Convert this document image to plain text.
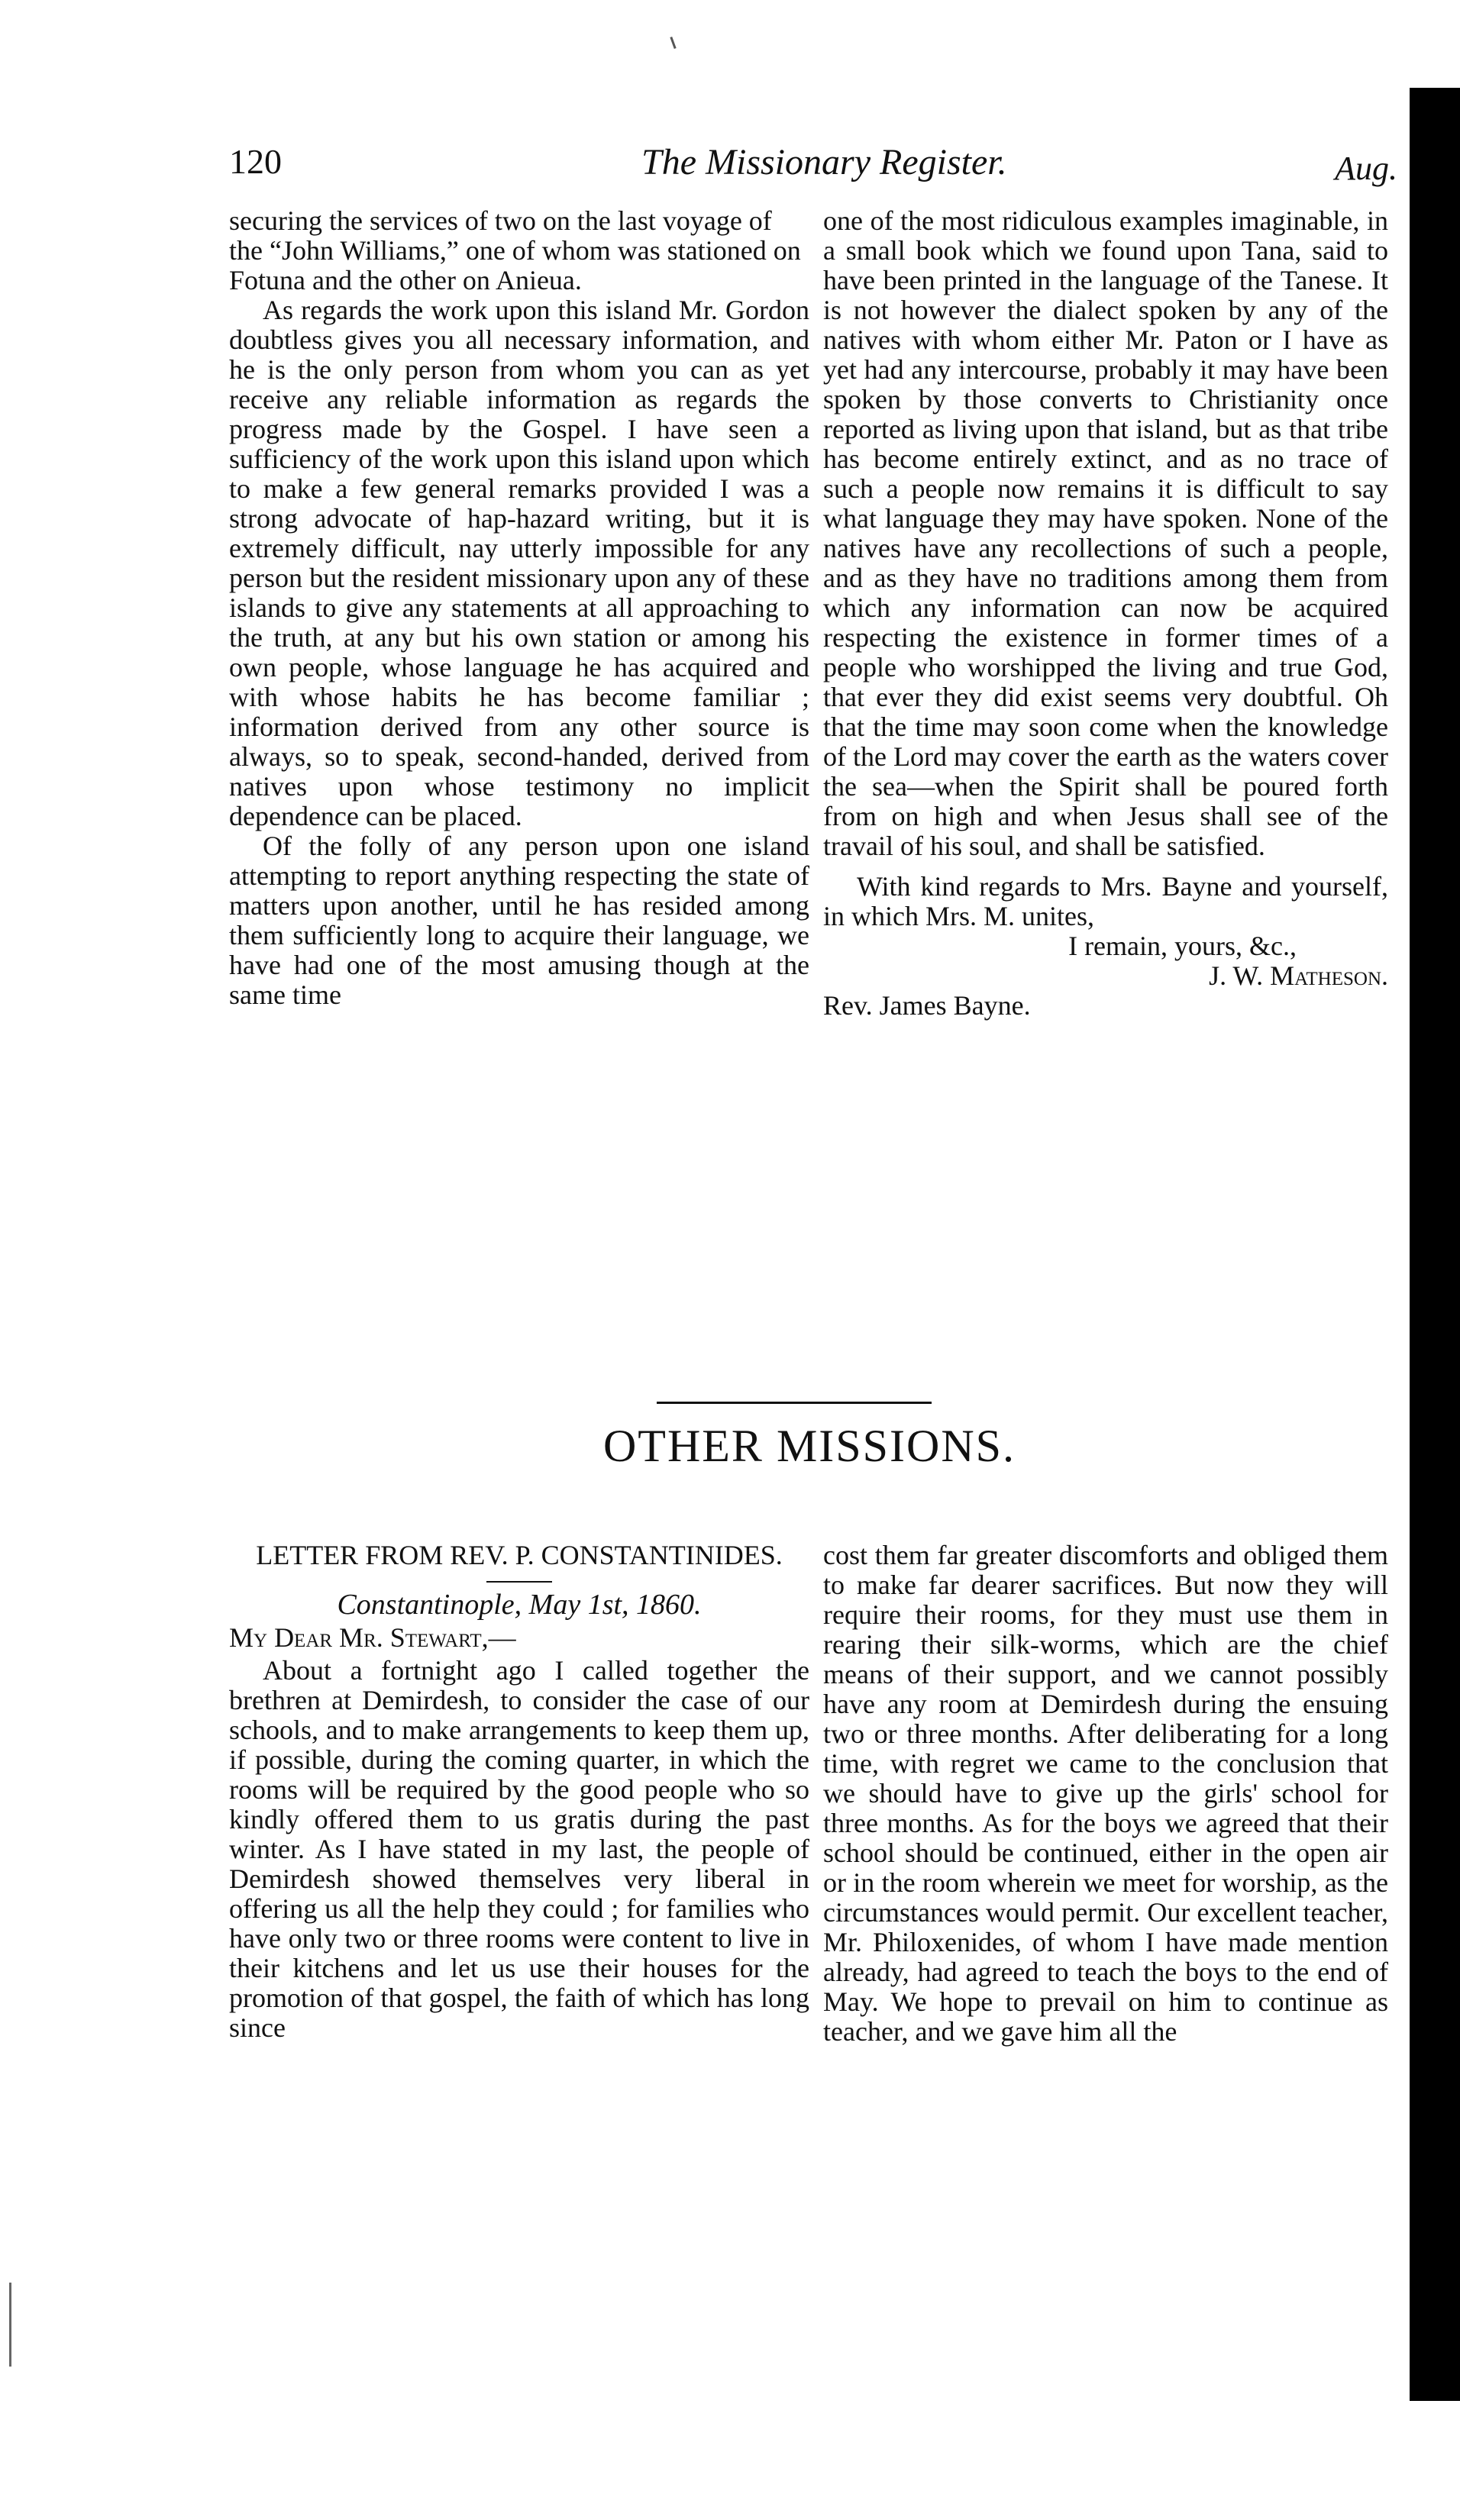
120	The Missionary Register.	Aug.

securing the services of two on the last voyage of the “John Williams,” one of whom was stationed on Fotuna and the other on Anieua.

As regards the work upon this island Mr. Gordon doubtless gives you all necessary information, and he is the only person from whom you can as yet receive any reliable information as regards the progress made by the Gospel. I have seen a sufficiency of the work upon this island upon which to make a few general remarks provided I was a strong advocate of hap-hazard writing, but it is extremely difficult, nay utterly impossible for any person but the resident missionary upon any of these islands to give any statements at all approaching to the truth, at any but his own station or among his own people, whose language he has acquired and with whose habits he has become familiar ; information derived from any other source is always, so to speak, second-handed, derived from natives upon whose testimony no implicit dependence can be placed.

Of the folly of any person upon one island attempting to report anything respecting the state of matters upon another, until he has resided among them sufficiently long to acquire their language, we have had one of the most amusing though at the same time

one of the most ridiculous examples imaginable, in a small book which we found upon Tana, said to have been printed in the language of the Tanese. It is not however the dialect spoken by any of the natives with whom either Mr. Paton or I have as yet had any intercourse, probably it may have been spoken by those converts to Christianity once reported as living upon that island, but as that tribe has become entirely extinct, and as no trace of such a people now remains it is difficult to say what language they may have spoken. None of the natives have any recollections of such a people, and as they have no traditions among them from which any information can now be acquired respecting the existence in former times of a people who worshipped the living and true God, that ever they did exist seems very doubtful. Oh that the time may soon come when the knowledge of the Lord may cover the earth as the waters cover the sea—when the Spirit shall be poured forth from on high and when Jesus shall see of the travail of his soul, and shall be satisfied.

With kind regards to Mrs. Bayne and yourself, in which Mrs. M. unites,

I remain, yours, &c.,

J. W. Matheson.

Rev. James Bayne.

OTHER MISSIONS.

LETTER FROM REV. P. CONSTANTINIDES.

Constantinople, May 1st, 1860.

My Dear Mr. Stewart,—

About a fortnight ago I called together the brethren at Demirdesh, to consider the case of our schools, and to make arrangements to keep them up, if possible, during the coming quarter, in which the rooms will be required by the good people who so kindly offered them to us gratis during the past winter. As I have stated in my last, the people of Demirdesh showed themselves very liberal in offering us all the help they could ; for families who have only two or three rooms were content to live in their kitchens and let us use their houses for the promotion of that gospel, the faith of which has long since

cost them far greater discomforts and obliged them to make far dearer sacrifices. But now they will require their rooms, for they must use them in rearing their silk-worms, which are the chief means of their support, and we cannot possibly have any room at Demirdesh during the ensuing two or three months. After deliberating for a long time, with regret we came to the conclusion that we should have to give up the girls' school for three months. As for the boys we agreed that their school should be continued, either in the open air or in the room wherein we meet for worship, as the circumstances would permit. Our excellent teacher, Mr. Philoxenides, of whom I have made mention already, had agreed to teach the boys to the end of May. We hope to prevail on him to continue as teacher, and we gave him all the
